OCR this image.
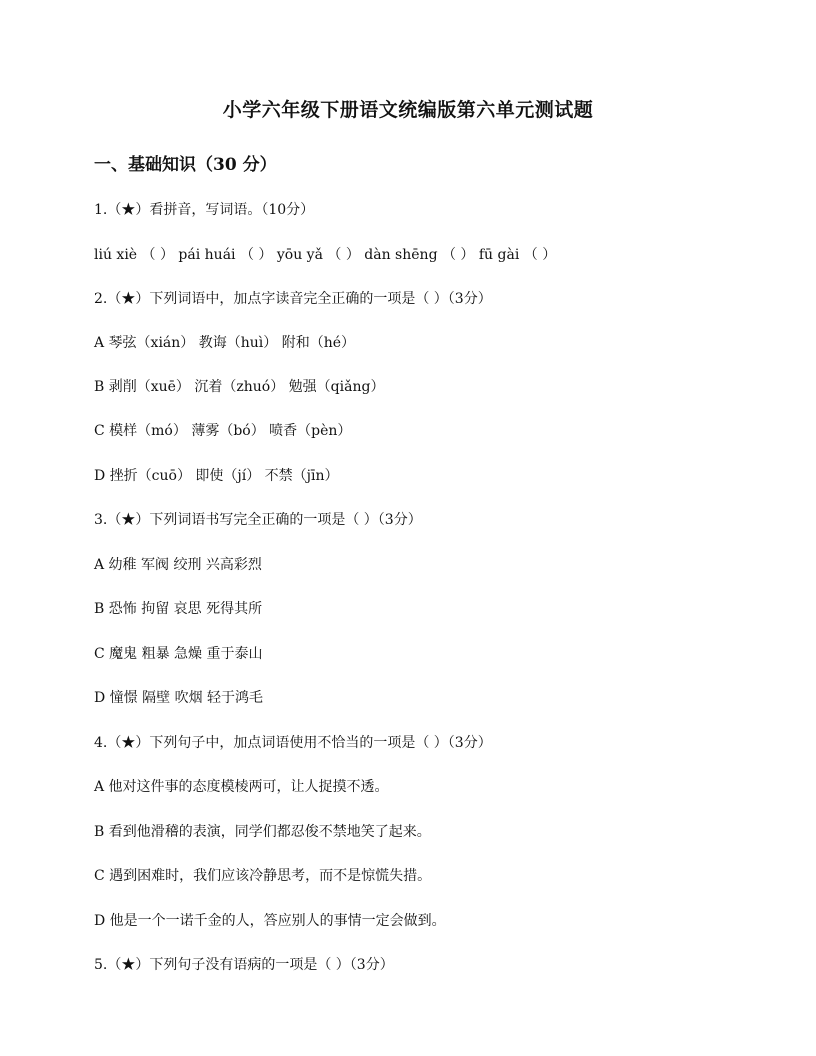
小学六年级下册语文统编版第六单元测试题
一、基础知识（30 分）
1.（★）看拼音，写词语。（10分）
liú xiè （ ） pái huái （ ） yōu yǎ （ ） dàn shēng （ ） fū gài （ ）
2.（★）下列词语中，加点字读音完全正确的一项是（ ）（3分）
A 琴弦（xián） 教诲（huì） 附和（hé）
B 剥削（xuē） 沉着（zhuó） 勉强（qiǎng）
C 模样（mó） 薄雾（bó） 喷香（pèn）
D 挫折（cuō） 即使（jí） 不禁（jīn）
3.（★）下列词语书写完全正确的一项是（ ）（3分）
A 幼稚 军阀 绞刑 兴高彩烈
B 恐怖 拘留 哀思 死得其所
C 魔鬼 粗暴 急燥 重于泰山
D 憧憬 隔壁 吹烟 轻于鸿毛
4.（★）下列句子中，加点词语使用不恰当的一项是（ ）（3分）
A 他对这件事的态度模棱两可，让人捉摸不透。
B 看到他滑稽的表演，同学们都忍俊不禁地笑了起来。
C 遇到困难时，我们应该冷静思考，而不是惊慌失措。
D 他是一个一诺千金的人，答应别人的事情一定会做到。
5.（★）下列句子没有语病的一项是（ ）（3分）
